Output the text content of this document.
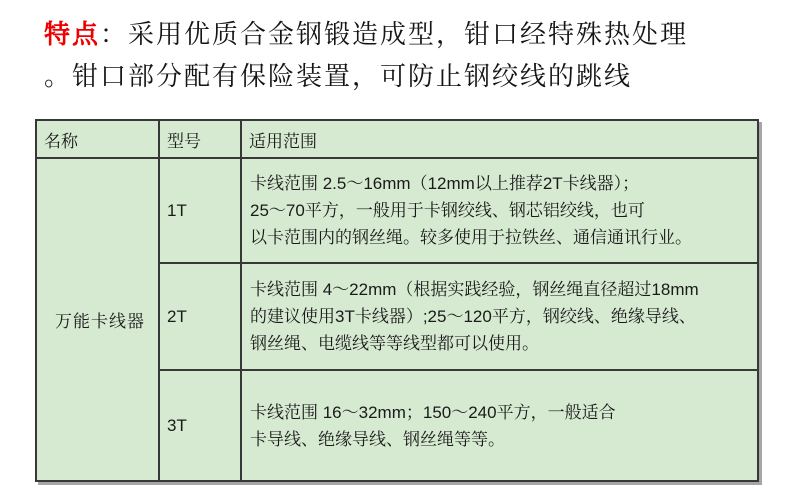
特点：采用优质合金钢锻造成型，钳口经特殊热处理
。钳口部分配有保险装置，可防止钢绞线的跳线
名称	型号	适用范围
万能卡线器	1T	卡线范围 2.5～16mm（12mm以上推荐2T卡线器）；
25～70平方，一般用于卡钢绞线、钢芯铝绞线，也可
以卡范围内的钢丝绳。较多使用于拉铁丝、通信通讯行业。

	2T	卡线范围 4～22mm（根据实践经验，钢丝绳直径超过18mm
的建议使用3T卡线器）;25～120平方，钢绞线、绝缘导线、
钢丝绳、电缆线等等线型都可以使用。

	3T	卡线范围 16～32mm；150～240平方，一般适合
卡导线、绝缘导线、钢丝绳等等。
